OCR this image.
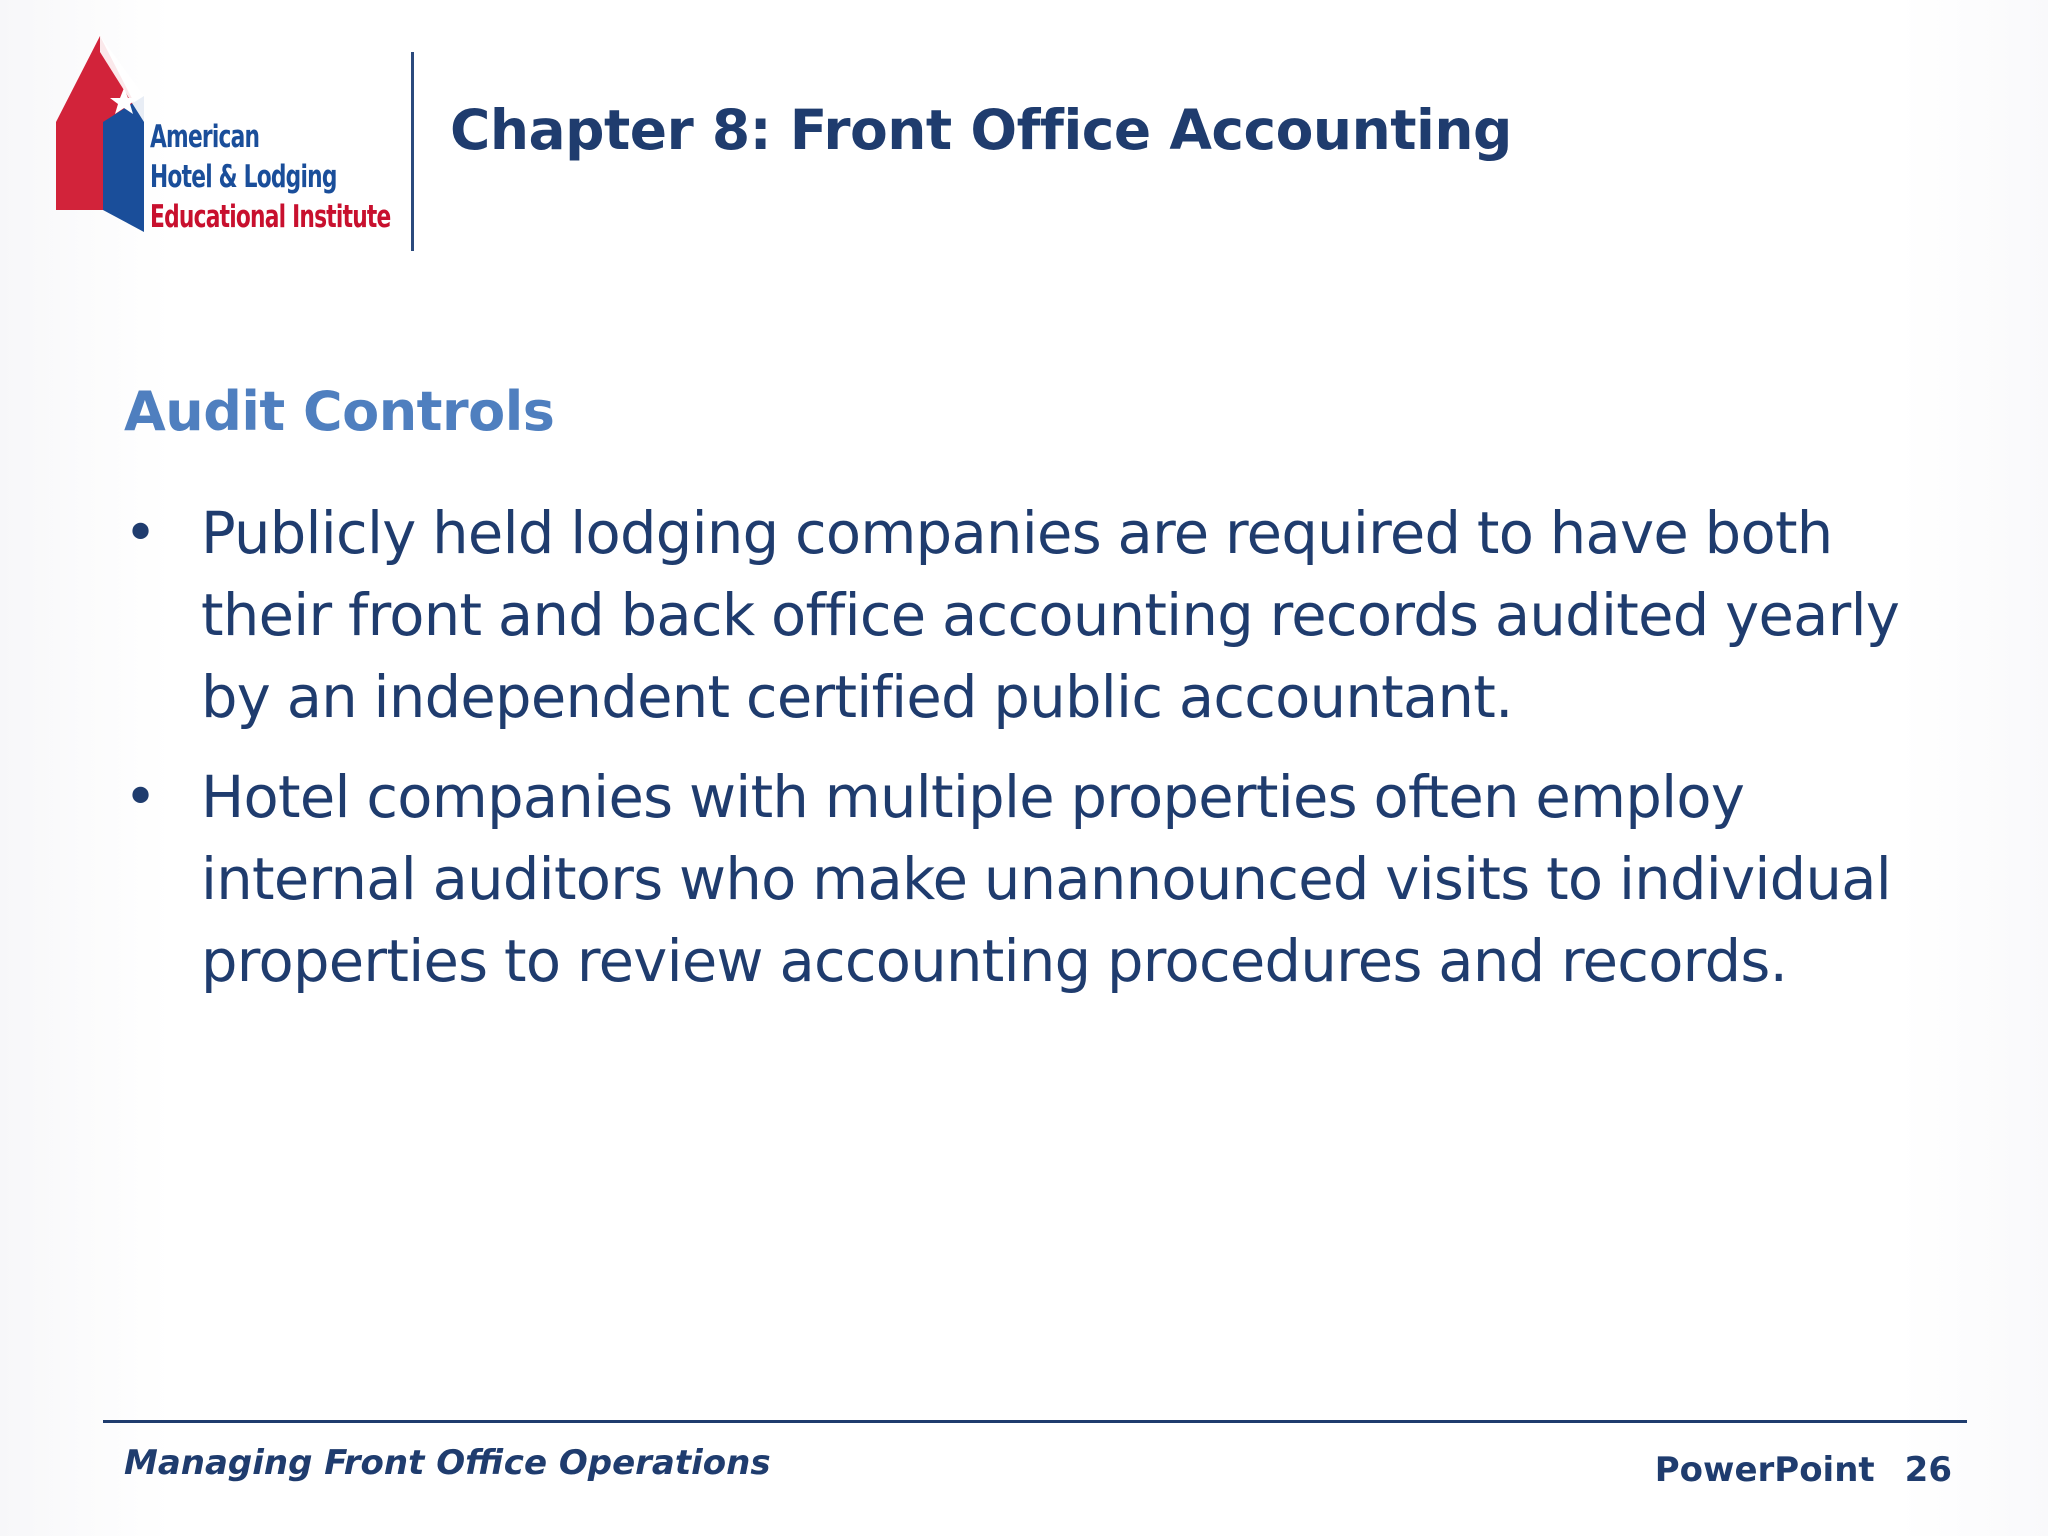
American
Hotel & Lodging
Educational Institute
Chapter 8: Front Office Accounting
Audit Controls
• Publicly held lodging companies are required to have both their front and back office accounting records audited yearly by an independent certified public accountant.
• Hotel companies with multiple properties often employ internal auditors who make unannounced visits to individual properties to review accounting procedures and records.
Managing Front Office Operations	PowerPoint 26
